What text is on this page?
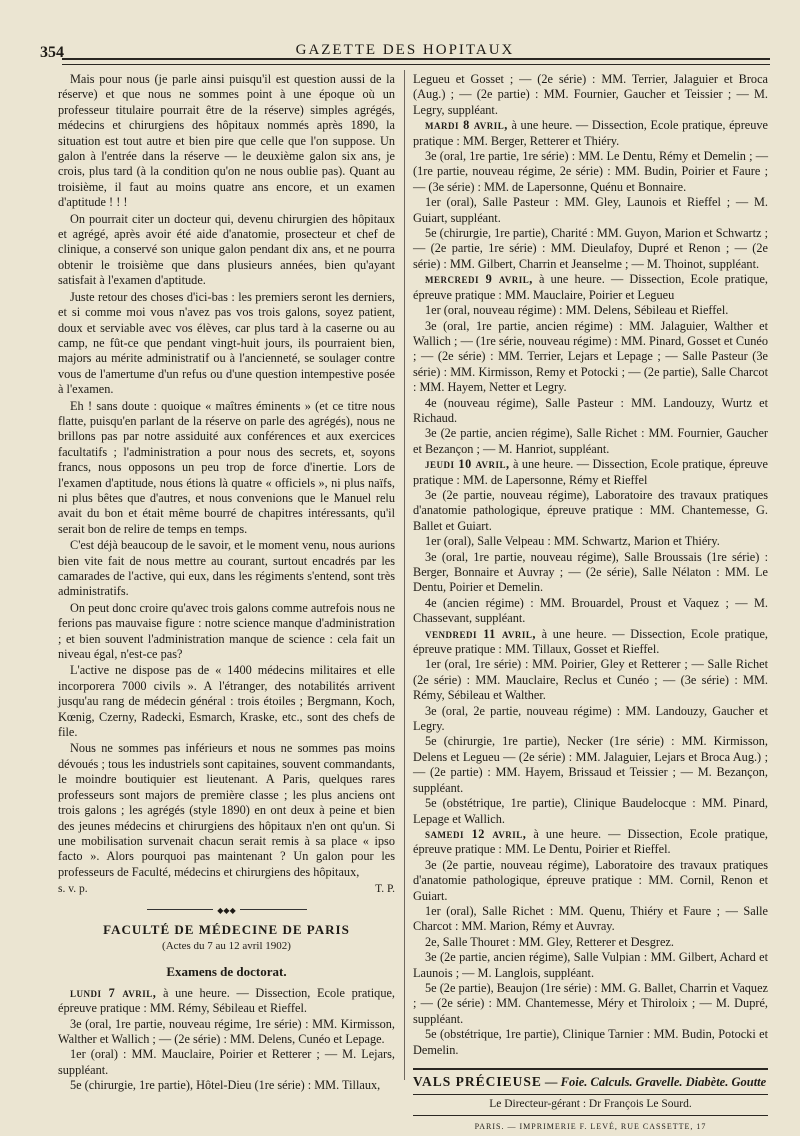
354	GAZETTE DES HOPITAUX

Mais pour nous (je parle ainsi puisqu'il est question aussi de la réserve) et que nous ne sommes point à une époque où un professeur titulaire pourrait être de la réserve) simples agrégés, médecins et chirurgiens des hôpitaux nommés après 1890, la situation est tout autre et bien pire que celle que l'on suppose. Un galon à l'entrée dans la réserve — le deuxième galon six ans, je crois, plus tard (à la condition qu'on ne nous oublie pas). Quant au troisième, il faut au moins quatre ans encore, et un examen d'aptitude ! ! !

On pourrait citer un docteur qui, devenu chirurgien des hôpitaux et agrégé, après avoir été aide d'anatomie, prosecteur et chef de clinique, a conservé son unique galon pendant dix ans, et ne pourra obtenir le troisième que dans plusieurs années, bien qu'ayant satisfait à l'examen d'aptitude.

Juste retour des choses d'ici-bas : les premiers seront les derniers, et si comme moi vous n'avez pas vos trois galons, soyez patient, doux et serviable avec vos élèves, car plus tard à la caserne ou au camp, ne fût-ce que pendant vingt-huit jours, ils pourraient bien, majors au mérite administratif ou à l'ancienneté, se soulager contre vous de l'amertume d'un refus ou d'une question intempestive posée à l'examen.

Eh ! sans doute : quoique « maîtres éminents » (et ce titre nous flatte, puisqu'en parlant de la réserve on parle des agrégés), nous ne brillons pas par notre assiduité aux conférences et aux exercices facultatifs ; l'administration a pour nous des secrets, et, soyons francs, nous opposons un peu trop de force d'inertie. Lors de l'examen d'aptitude, nous étions là quatre « officiels », ni plus naïfs, ni plus bêtes que d'autres, et nous convenions que le Manuel relu avait du bon et était même bourré de chapitres intéressants, qu'il serait bon de relire de temps en temps.

C'est déjà beaucoup de le savoir, et le moment venu, nous aurions bien vite fait de nous mettre au courant, surtout encadrés par les camarades de l'active, qui eux, dans les régiments s'entend, sont très administratifs.

On peut donc croire qu'avec trois galons comme autrefois nous ne ferions pas mauvaise figure : notre science manque d'administration ; et bien souvent l'administration manque de science : cela fait un niveau égal, n'est-ce pas?

L'active ne dispose pas de « 1400 médecins militaires et elle incorporera 7000 civils ». A l'étranger, des notabilités arrivent jusqu'au rang de médecin général : trois étoiles ; Bergmann, Koch, Kœnig, Czerny, Radecki, Esmarch, Kraske, etc., sont des chefs de file.

Nous ne sommes pas inférieurs et nous ne sommes pas moins dévoués ; tous les industriels sont capitaines, souvent commandants, le moindre boutiquier est lieutenant. A Paris, quelques rares professeurs sont majors de première classe ; les plus anciens ont trois galons ; les agrégés (style 1890) en ont deux à peine et bien des jeunes médecins et chirurgiens des hôpitaux n'en ont qu'un. Si une mobilisation survenait chacun serait remis à sa place « ipso facto ». Alors pourquoi pas maintenant ? Un galon pour les professeurs de Faculté, médecins et chirurgiens des hôpitaux,

s. v. p.	T. P.
◆◆◆
FACULTÉ DE MÉDECINE DE PARIS
(Actes du 7 au 12 avril 1902)
Examens de doctorat.

lundi 7 avril, à une heure. — Dissection, Ecole pratique, épreuve pratique : MM. Rémy, Sébileau et Rieffel.

3e (oral, 1re partie, nouveau régime, 1re série) : MM. Kirmisson, Walther et Wallich ; — (2e série) : MM. Delens, Cunéo et Lepage.

1er (oral) : MM. Mauclaire, Poirier et Retterer ; — M. Lejars, suppléant.

5e (chirurgie, 1re partie), Hôtel-Dieu (1re série) : MM. Tillaux,

Legueu et Gosset ; — (2e série) : MM. Terrier, Jalaguier et Broca (Aug.) ; — (2e partie) : MM. Fournier, Gaucher et Teissier ; — M. Legry, suppléant.

mardi 8 avril, à une heure. — Dissection, Ecole pratique, épreuve pratique : MM. Berger, Retterer et Thiéry.

3e (oral, 1re partie, 1re série) : MM. Le Dentu, Rémy et Demelin ; — (1re partie, nouveau régime, 2e série) : MM. Budin, Poirier et Faure ; — (3e série) : MM. de Lapersonne, Quénu et Bonnaire.

1er (oral), Salle Pasteur : MM. Gley, Launois et Rieffel ; — M. Guiart, suppléant.

5e (chirurgie, 1re partie), Charité : MM. Guyon, Marion et Schwartz ; — (2e partie, 1re série) : MM. Dieulafoy, Dupré et Renon ; — (2e série) : MM. Gilbert, Charrin et Jeanselme ; — M. Thoinot, suppléant.

mercredi 9 avril, à une heure. — Dissection, Ecole pratique, épreuve pratique : MM. Mauclaire, Poirier et Legueu

1er (oral, nouveau régime) : MM. Delens, Sébileau et Rieffel.

3e (oral, 1re partie, ancien régime) : MM. Jalaguier, Walther et Wallich ; — (1re série, nouveau régime) : MM. Pinard, Gosset et Cunéo ; — (2e série) : MM. Terrier, Lejars et Lepage ; — Salle Pasteur (3e série) : MM. Kirmisson, Remy et Potocki ; — (2e partie), Salle Charcot : MM. Hayem, Netter et Legry.

4e (nouveau régime), Salle Pasteur : MM. Landouzy, Wurtz et Richaud.

3e (2e partie, ancien régime), Salle Richet : MM. Fournier, Gaucher et Bezançon ; — M. Hanriot, suppléant.

jeudi 10 avril, à une heure. — Dissection, Ecole pratique, épreuve pratique : MM. de Lapersonne, Rémy et Rieffel

3e (2e partie, nouveau régime), Laboratoire des travaux pratiques d'anatomie pathologique, épreuve pratique : MM. Chantemesse, G. Ballet et Guiart.

1er (oral), Salle Velpeau : MM. Schwartz, Marion et Thiéry.

3e (oral, 1re partie, nouveau régime), Salle Broussais (1re série) : Berger, Bonnaire et Auvray ; — (2e série), Salle Nélaton : MM. Le Dentu, Poirier et Demelin.

4e (ancien régime) : MM. Brouardel, Proust et Vaquez ; — M. Chassevant, suppléant.

vendredi 11 avril, à une heure. — Dissection, Ecole pratique, épreuve pratique : MM. Tillaux, Gosset et Rieffel.

1er (oral, 1re série) : MM. Poirier, Gley et Retterer ; — Salle Richet (2e série) : MM. Mauclaire, Reclus et Cunéo ; — (3e série) : MM. Rémy, Sébileau et Walther.

3e (oral, 2e partie, nouveau régime) : MM. Landouzy, Gaucher et Legry.

5e (chirurgie, 1re partie), Necker (1re série) : MM. Kirmisson, Delens et Legueu — (2e série) : MM. Jalaguier, Lejars et Broca Aug.) ; — (2e partie) : MM. Hayem, Brissaud et Teissier ; — M. Bezançon, suppléant.

5e (obstétrique, 1re partie), Clinique Baudelocque : MM. Pinard, Lepage et Wallich.

samedi 12 avril, à une heure. — Dissection, Ecole pratique, épreuve pratique : MM. Le Dentu, Poirier et Rieffel.

3e (2e partie, nouveau régime), Laboratoire des travaux pratiques d'anatomie pathologique, épreuve pratique : MM. Cornil, Renon et Guiart.

1er (oral), Salle Richet : MM. Quenu, Thiéry et Faure ; — Salle Charcot : MM. Marion, Rémy et Auvray.

2e, Salle Thouret : MM. Gley, Retterer et Desgrez.

3e (2e partie, ancien régime), Salle Vulpian : MM. Gilbert, Achard et Launois ; — M. Langlois, suppléant.

5e (2e partie), Beaujon (1re série) : MM. G. Ballet, Charrin et Vaquez ; — (2e série) : MM. Chantemesse, Méry et Thiroloix ; — M. Dupré, suppléant.

5e (obstétrique, 1re partie), Clinique Tarnier : MM. Budin, Potocki et Demelin.

VALS PRÉCIEUSE — Foie. Calculs. Gravelle. Diabète. Goutte
Le Directeur-gérant : Dr François Le Sourd.
PARIS. — IMPRIMERIE F. LEVÉ, RUE CASSETTE, 17
